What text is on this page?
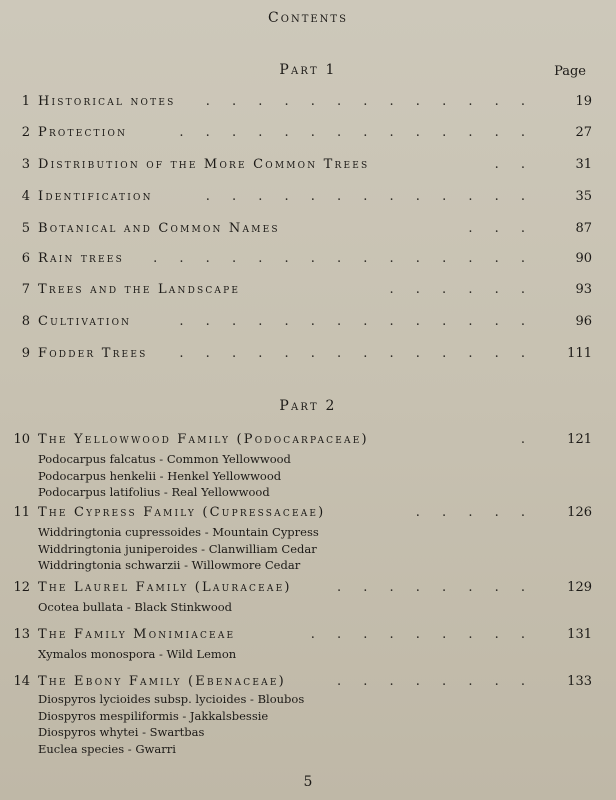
Contents
Part 1	Page
1 Historical notes . . . . . . . . . . . . .	19
2 Protection	. . . . . . . . . . . . . .	27
3 Distribution of the More Common Trees	. .	31
4 Identification	. . . . . . . . . . . . .	35
5 Botanical and Common Names	. . .	87
6 Rain trees . . . . . . . . . . . . . . .	90
7 Trees and the Landscape	. . . . . .	93
8 Cultivation	. . . . . . . . . . . . . .	96
9 Fodder Trees . . . . . . . . . . . . . .	111
Part 2
10 The Yellowwood Family (Podocarpaceae)	.	121
Podocarpus falcatus - Common Yellowwood
Podocarpus henkelii - Henkel Yellowwood
Podocarpus latifolius - Real Yellowwood
11 The Cypress Family (Cupressaceae)	. . . . .	126
Widdringtonia cupressoides - Mountain Cypress
Widdringtonia juniperoides - Clanwilliam Cedar
Widdringtonia schwarzii - Willowmore Cedar
12 The Laurel Family (Lauraceae)	. . . . . . . .	129
Ocotea bullata - Black Stinkwood
13 The Family Monimiaceae	. . . . . . . . .	131
Xymalos monospora - Wild Lemon
14 The Ebony Family (Ebenaceae)	. . . . . . . .	133
Diospyros lycioides subsp. lycioides - Bloubos
Diospyros mespiliformis - Jakkalsbessie
Diospyros whytei - Swartbas
Euclea species - Gwarri
5
